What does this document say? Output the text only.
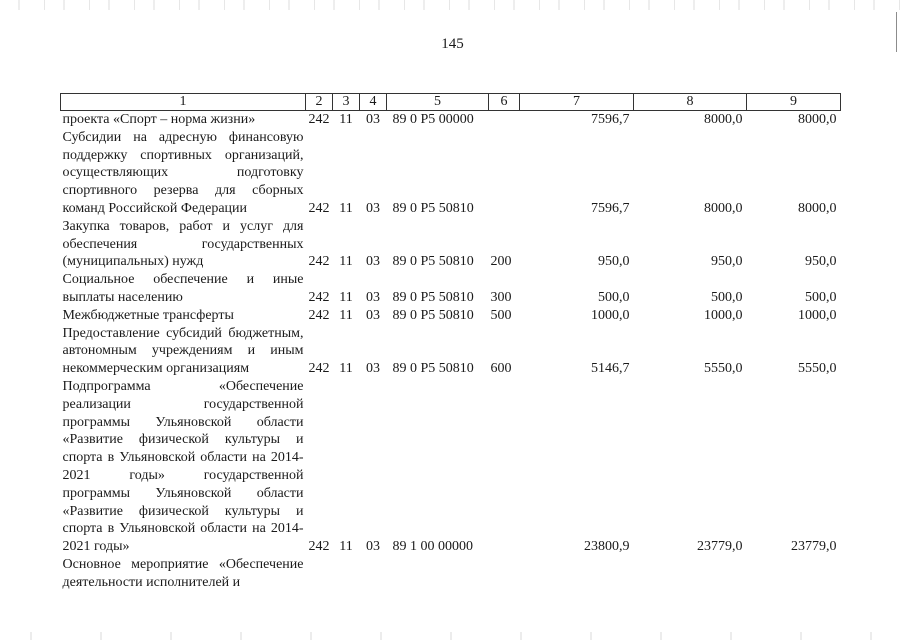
145
1	2	3	4	5	6	7	8	9
проекта «Спорт – норма жизни»	242	11	03	89 0 P5 00000		7596,7	8000,0	8000,0
Субсидии на адресную финансовую поддержку спортивных организаций, осуществляющих подготовку спортивного резерва для сборных команд Российской Федерации	242	11	03	89 0 P5 50810		7596,7	8000,0	8000,0
Закупка товаров, работ и услуг для обеспечения государственных (муниципальных) нужд	242	11	03	89 0 P5 50810	200	950,0	950,0	950,0
Социальное обеспечение и иные выплаты населению	242	11	03	89 0 P5 50810	300	500,0	500,0	500,0
Межбюджетные трансферты	242	11	03	89 0 P5 50810	500	1000,0	1000,0	1000,0
Предоставление субсидий бюджетным, автономным учреждениям и иным некоммерческим организациям	242	11	03	89 0 P5 50810	600	5146,7	5550,0	5550,0
Подпрограмма «Обеспечение реализации государственной программы Ульяновской области «Развитие физической культуры и спорта в Ульяновской области на 2014-2021 годы» государственной программы Ульяновской области «Развитие физической культуры и спорта в Ульяновской области на 2014-2021 годы»	242	11	03	89 1 00 00000		23800,9	23779,0	23779,0
Основное мероприятие «Обеспечение деятельности исполнителей и								
